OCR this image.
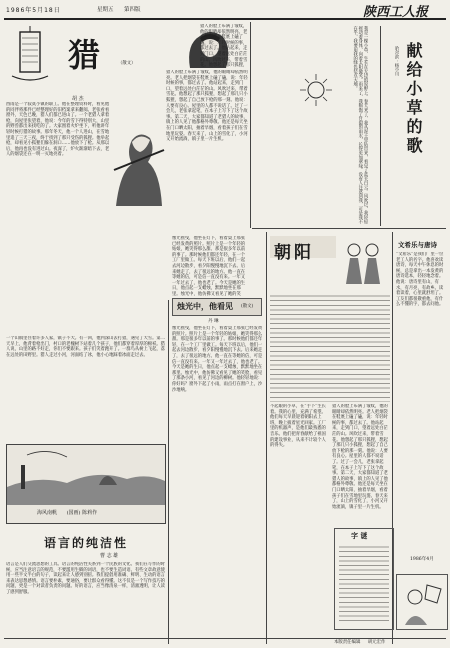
1986年5月18日	星期五 第四版	陕西工人报
猎	（散文）
胡 杰
酉雨是一个寂寞小镇的职工。他在整理资料时，看见他的同伴将那件已经整理好的旧档案拿来翻阅。老张看看窗外，天色已晚，猎人们都已进山了。一个老猎人拿着枪，向屋里张望着，他说：今年的雪下得特别大，山里的野兽都出来找吃的了。大家围着火炉坐下，听他讲年轻时候打猎的故事。那年冬天，他一个人进山，在雪地里追了三天三夜，终于找到了那只受伤的狐狸。他举起枪，却看见小狐狸们躲在洞口……他放下了枪。从那以后，他再也没有进过山。夜深了，炉火渐渐暗下去，老人的烟袋还在一明一灭地亮着。
一个山镇里住着许多人家，镇子不大。有一回，他到深山去打猎，遇见了大雪。第二天早上，他背着枪出门，村口的老槐树下站着几个孩子，他们都穿着厚厚的棉袄。猎人说，山里的路不好走，你们不要跟来。孩子们笑着跑开了。一群鸟从树上飞起，落在远处的田野里。猎人走过小河，河面结了冰，他小心地踩着冰面走过去。
猎人的脸上布满了皱纹，他的眼睛却依然明亮。老人把烟袋在鞋底上磕了磕，说：年轻时候的事，都过去了。他站起来，走到门口，望着远处白茫茫的山。风吹过来，带着雪花。他想起了那只狐狸，想起了那几只小狐狸，想起了自己放下枪的那一刻。他说：人要有良心。屋里的人都不说话了。过了一会儿，老张拿起笔，在本子上写下了这个故事。第二天，大家都知道了老猎人的故事，镇上的人见了他都格外尊敬。他还是每天坐在门口晒太阳，抽着旱烟，看着孩子们在雪地里玩耍。春天来了，山上的雪化了，小河又开始流淌，镇子里一片生机。
猎人的脸上布满了皱纹，他的眼睛却依然明亮。老人把烟袋在鞋底上磕了磕，说：年轻时候的事，都过去了。他站起来，走到门口，望着远处白茫茫的山。风吹过来，带着雪花。他想起了那只狐狸，	我是一棵小草，生长在无边的原野上。春天来了，我从泥土里钻出来，看见了蓝天白云。风吹过，我轻轻摇动着身体，向着太阳微笑。雨来了，我喝饱了甘甜的雨水，长得更加翠绿。没有人注意到我，可是我不在乎，我要用我的绿色装点大地。	献给小草的歌
哈尔滨 · 杨小川
海风南帆 (国画) 陈莉作
语言的纯洁性
曹 志 雄
语言是人们交流思想的工具。语言的纯洁性关系到一个民族的文化。我们在写作的时候，应当注意语言的规范，不要滥用生僻的词语，也不要生造词语。有些文章故意使用一些半文半白的句子，读起来让人感到别扭。我们提倡用准确、鲜明、生动的语言来表达思想感情。语言要朴素，要通俗，要让群众看得懂。这不仅是一个写作技巧的问题，更是一个对读者负责的问题。好的语言，应当像清泉一样，清澈透明，让人读了感到舒服。
烛光中，他看见 (散文)
丹 琳
烛光摇曳，他坐在灯下，看着桌上那张已经发黄的照片。照片上是一个年轻的姑娘，她笑得那么甜。那是很多年以前的事了。那时候他们都还年轻，在一个工厂里做工。每天下班以后，他们一起去河边散步，看夕阳慢慢地沉下去。后来她走了，去了很远的地方。他一直在等她的信，可是信一直没有来。一年又一年过去了，他也老了。今天是她的生日，他点起一支蜡烛，默默地坐在那里。烛光中，他仿佛又看见了她的笑脸，看见了那条小河，看见了河边的柳树。他轻轻地说：你好吗？窗外下起了小雨，雨点打在窗户上，沙沙地响。
烛光摇曳，他坐在灯下，看着桌上那张已经发黄的照片。照片上是一个年轻的姑娘，她笑得那么甜。那是很多年以前的事了。那时候他们都还年轻，在一个工厂里做工。每天下班以后，他们一起去河边散步，看夕阳慢慢地沉下去。后来她走了，去了很远的地方。他一直在等她的信，可是信一直没有来。一年又一年过去了，他也老了。今天是她的生日，他点起一支蜡烛，默默地坐在那里。烛光中，他仿佛又看见了她的笑
朝阳
不起眼的小草，在“手下”生长着。我的心里，充满了希望。他们每天早晨迎着朝阳去上班，晚上披着星光回家。工厂里的机器声，是他们最熟悉的音乐。他们把青春献给了祖国的建设事业，从来不计较个人的得失。
猎人的脸上布满了皱纹，他的眼睛却依然明亮。老人把烟袋在鞋底上磕了磕，说：年轻时候的事，都过去了。他站起来，走到门口，望着远处白茫茫的山。风吹过来，带着雪花。他想起了那只狐狸，想起了那几只小狐狸，想起了自己放下枪的那一刻。他说：人要有良心。屋里的人都不说话了。过了一会儿，老张拿起笔，在本子上写下了这个故事。第二天，大家都知道了老猎人的故事，镇上的人见了他都格外尊敬。他还是每天坐在门口晒太阳，抽着旱烟，看着孩子们在雪地里玩耍。春天来了，山上的雪化了，小河又开始流淌，镇子里一片生机。
文希乐与唐诗
“文希乐”是我们厂里一位老工人的名字。他喜欢读唐诗，每天中午休息的时候，总是拿出一本发黄的唐诗选本，轻轻地念着。他说：唐诗里有山，有水，有月亮，有故乡。读着读着，心里就舒坦了。工友们都很敬重他，有什么不懂的字，都去问他。
1986年4月
字 谜
本版责任编辑 胡元宏作
